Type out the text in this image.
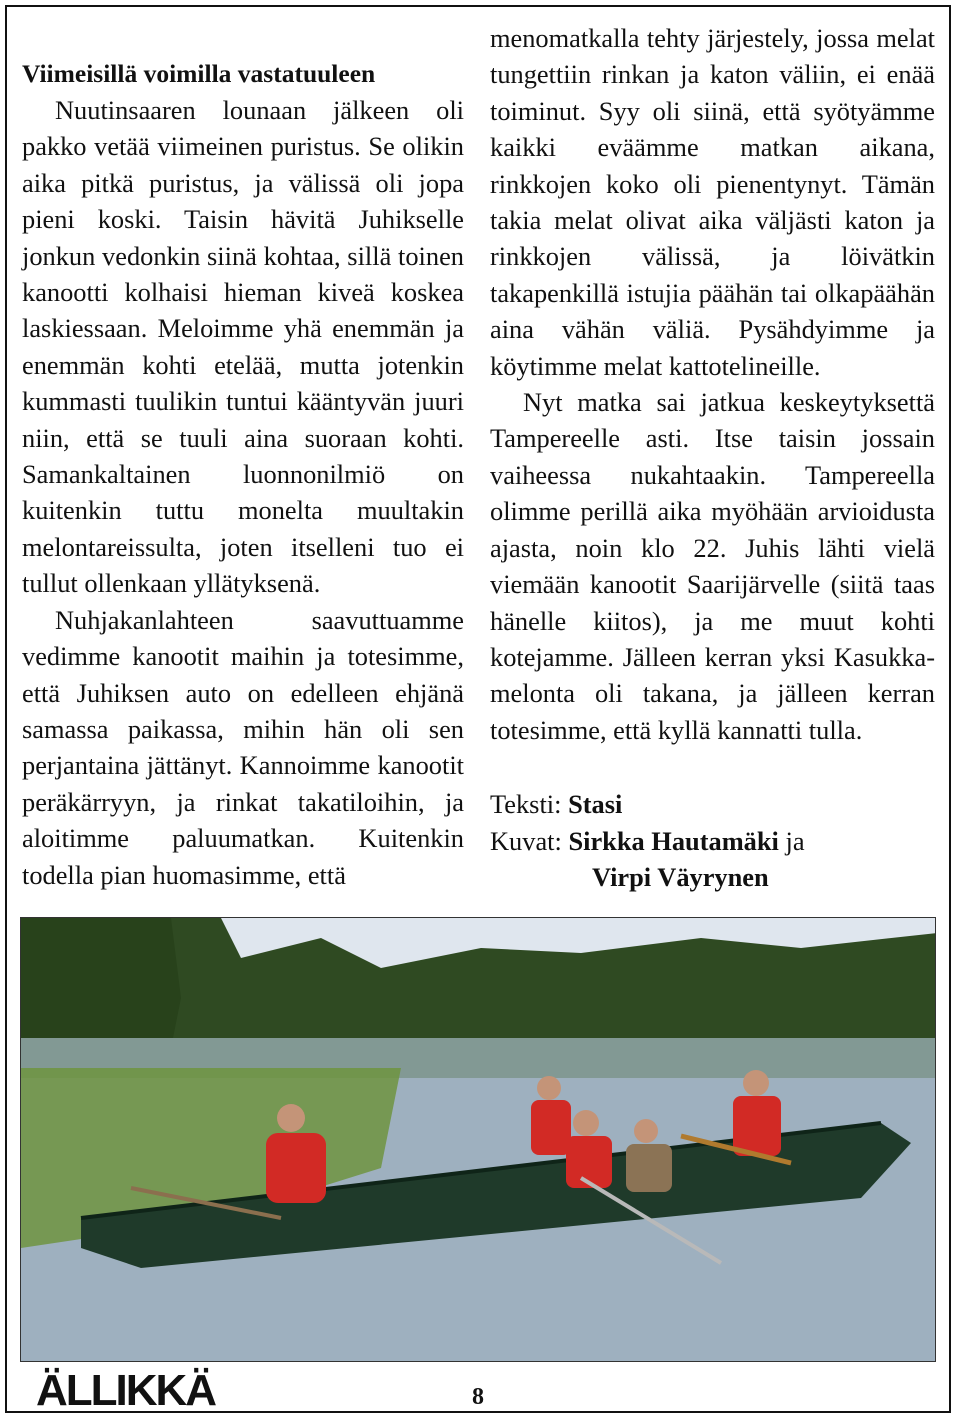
Viimeisillä voimilla vastatuuleen

Nuutinsaaren lounaan jälkeen oli pakko vetää viimeinen puristus. Se olikin aika pitkä puristus, ja välissä oli jopa pieni koski. Taisin hävitä Juhikselle jonkun vedonkin siinä kohtaa, sillä toinen kanootti kolhaisi hieman kiveä koskea laskiessaan. Meloimme yhä enemmän ja enemmän kohti etelää, mutta jotenkin kummasti tuulikin tuntui kääntyvän juuri niin, että se tuuli aina suoraan kohti. Samankaltainen luonnonilmiö on kuitenkin tuttu monelta muultakin melontareissulta, joten itselleni tuo ei tullut ollenkaan yllätyksenä.

Nuhjakanlahteen saavuttuamme vedimme kanootit maihin ja totesimme, että Juhiksen auto on edelleen ehjänä samassa paikassa, mihin hän oli sen perjantaina jättänyt. Kannoimme kanootit peräkärryyn, ja rinkat takatiloihin, ja aloitimme paluumatkan. Kuitenkin todella pian huomasimme, että

menomatkalla tehty järjestely, jossa melat tungettiin rinkan ja katon väliin, ei enää toiminut. Syy oli siinä, että syötyämme kaikki eväämme matkan aikana, rinkkojen koko oli pienentynyt. Tämän takia melat olivat aika väljästi katon ja rinkkojen välissä, ja löivätkin takapenkillä istujia päähän tai olkapäähän aina vähän väliä. Pysähdyimme ja köytimme melat kattotelineille.

Nyt matka sai jatkua keskeytyksettä Tampereelle asti. Itse taisin jossain vaiheessa nukahtaakin. Tampereella olimme perillä aika myöhään arvioidusta ajasta, noin klo 22. Juhis lähti vielä viemään kanootit Saarijärvelle (siitä taas hänelle kiitos), ja me muut kohti kotejamme. Jälleen kerran yksi Kasukka-melonta oli takana, ja jälleen kerran totesimme, että kyllä kannatti tulla.

Teksti: Stasi
Kuvat: Sirkka Hautamäki ja
Virpi Väyrynen
ÄLLIKKÄ	8
